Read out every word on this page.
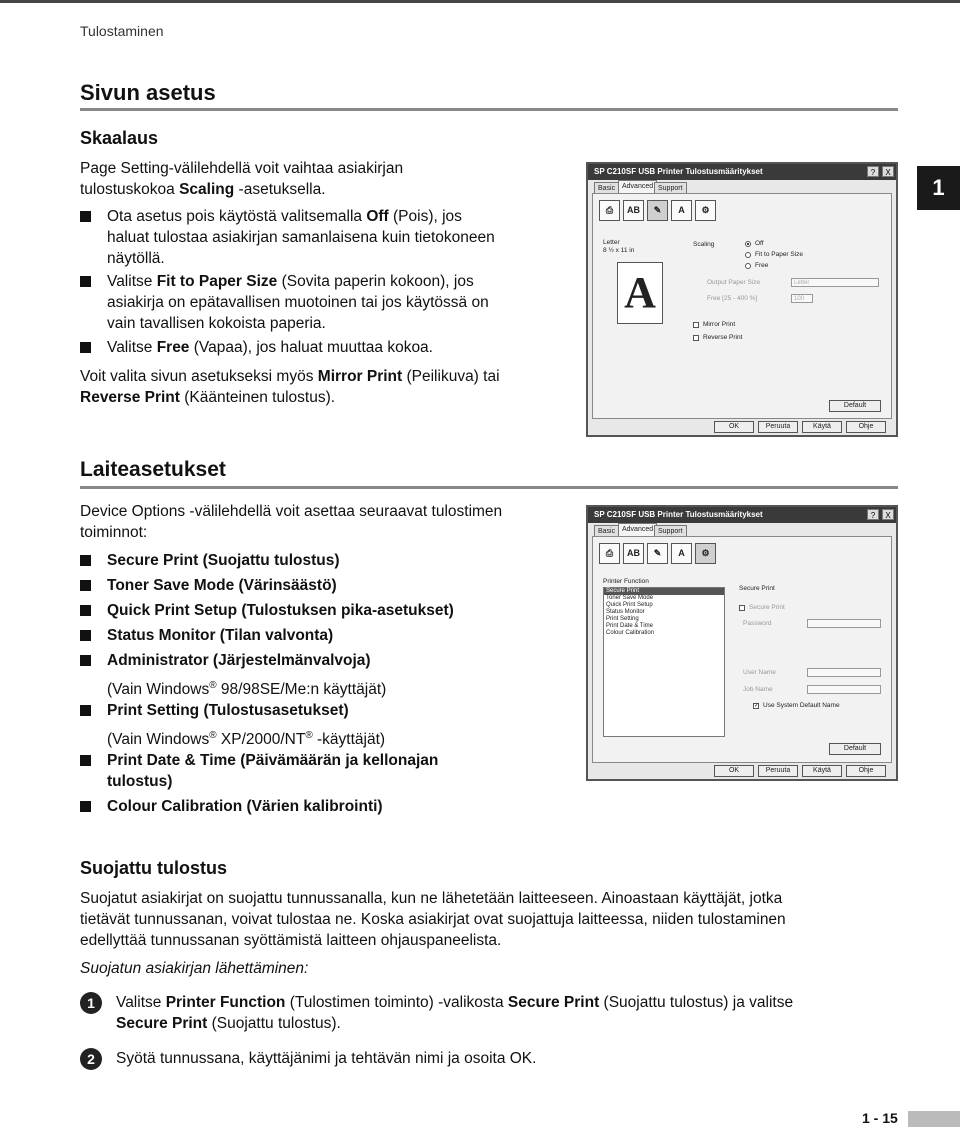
Tulostaminen
1
Sivun asetus
Skaalaus
Page Setting-välilehdellä voit vaihtaa asiakirjan
tulostuskokoa Scaling -asetuksella.
Ota asetus pois käytöstä valitsemalla Off (Pois), jos
haluat tulostaa asiakirjan samanlaisena kuin tietokoneen
näytöllä.
Valitse Fit to Paper Size (Sovita paperin kokoon), jos
asiakirja on epätavallisen muotoinen tai jos käytössä on
vain tavallisen kokoista paperia.
Valitse Free (Vapaa), jos haluat muuttaa kokoa.
Voit valita sivun asetukseksi myös Mirror Print (Peilikuva) tai
Reverse Print (Käänteinen tulostus).
SP C210SF USB Printer Tulostusmääritykset	?	X
Basic Advanced Support
⎙	AB	✎	A	⚙
Letter
8 ½ x 11 in
A
Scaling	Off
Fit to Paper Size
Free
Output Paper Size	Letter
Free [25 - 400 %]	100
Mirror Print
Reverse Print
Default
OK	Peruuta	Käytä	Ohje
Laiteasetukset
Device Options -välilehdellä voit asettaa seuraavat tulostimen
toiminnot:
Secure Print (Suojattu tulostus)
Toner Save Mode (Värinsäästö)
Quick Print Setup (Tulostuksen pika-asetukset)
Status Monitor (Tilan valvonta)
Administrator (Järjestelmänvalvoja)
(Vain Windows® 98/98SE/Me:n käyttäjät)
Print Setting (Tulostusasetukset)
(Vain Windows® XP/2000/NT® -käyttäjät)
Print Date & Time (Päivämäärän ja kellonajan
tulostus)
Colour Calibration (Värien kalibrointi)
SP C210SF USB Printer Tulostusmääritykset	?	X
Basic Advanced Support
⎙	AB	✎	A	⚙
Printer Function
Secure Print
Toner Save Mode
Quick Print Setup
Status Monitor
Print Setting
Print Date & Time
Colour Calibration
Secure Print
Secure Print
Password
User Name
Job Name
✓ Use System Default Name
Default
OK	Peruuta	Käytä	Ohje
Suojattu tulostus
Suojatut asiakirjat on suojattu tunnussanalla, kun ne lähetetään laitteeseen. Ainoastaan käyttäjät, jotka
tietävät tunnussanan, voivat tulostaa ne. Koska asiakirjat ovat suojattuja laitteessa, niiden tulostaminen
edellyttää tunnussanan syöttämistä laitteen ohjauspaneelista.
Suojatun asiakirjan lähettäminen:
1	Valitse Printer Function (Tulostimen toiminto) -valikosta Secure Print (Suojattu tulostus) ja valitse
Secure Print (Suojattu tulostus).
2	Syötä tunnussana, käyttäjänimi ja tehtävän nimi ja osoita OK.
1 - 15
